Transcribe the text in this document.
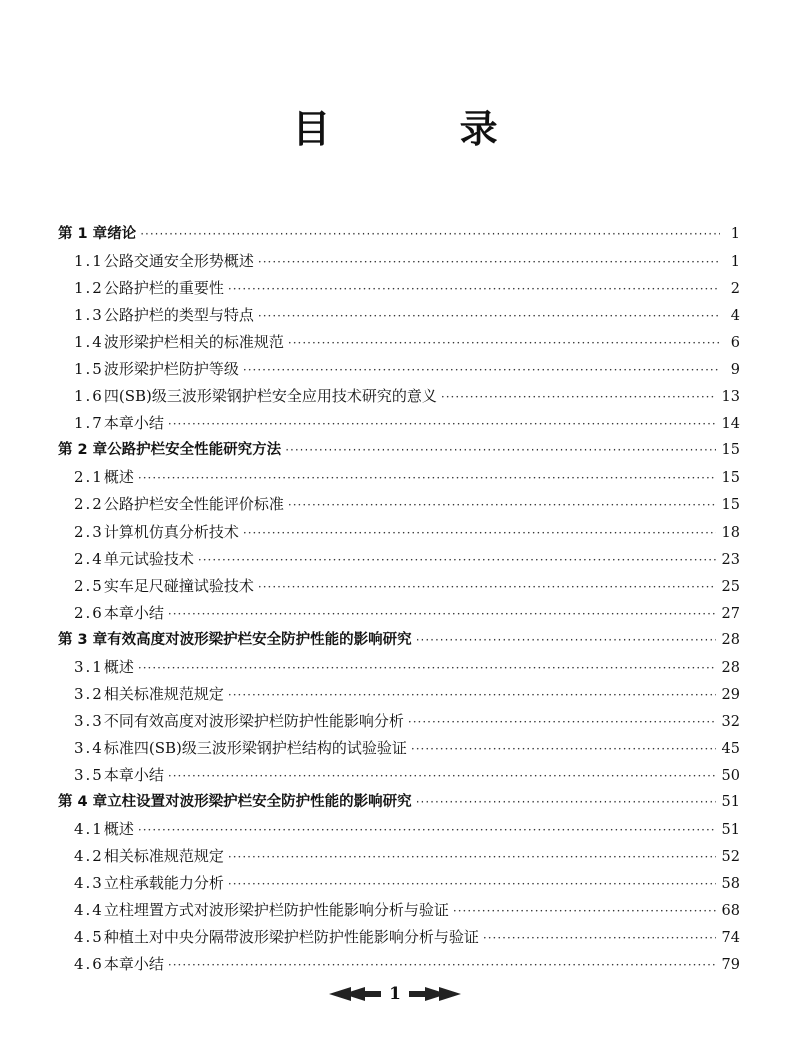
目 录
第 1 章 绪论 ·····	1
1.1 公路交通安全形势概述 ·····	1
1.2 公路护栏的重要性 ·····	2
1.3 公路护栏的类型与特点 ·····	4
1.4 波形梁护栏相关的标准规范 ·····	6
1.5 波形梁护栏防护等级 ·····	9
1.6 四(SB)级三波形梁钢护栏安全应用技术研究的意义 ·····	13
1.7 本章小结 ·····	14
第 2 章 公路护栏安全性能研究方法 ·····	15
2.1 概述 ·····	15
2.2 公路护栏安全性能评价标准 ·····	15
2.3 计算机仿真分析技术 ·····	18
2.4 单元试验技术 ·····	23
2.5 实车足尺碰撞试验技术 ·····	25
2.6 本章小结 ·····	27
第 3 章 有效高度对波形梁护栏安全防护性能的影响研究 ·····	28
3.1 概述 ·····	28
3.2 相关标准规范规定 ·····	29
3.3 不同有效高度对波形梁护栏防护性能影响分析 ·····	32
3.4 标准四(SB)级三波形梁钢护栏结构的试验验证 ·····	45
3.5 本章小结 ·····	50
第 4 章 立柱设置对波形梁护栏安全防护性能的影响研究 ·····	51
4.1 概述 ·····	51
4.2 相关标准规范规定 ·····	52
4.3 立柱承载能力分析 ·····	58
4.4 立柱埋置方式对波形梁护栏防护性能影响分析与验证 ·····	68
4.5 种植土对中央分隔带波形梁护栏防护性能影响分析与验证 ·····	74
4.6 本章小结 ·····	79
1
